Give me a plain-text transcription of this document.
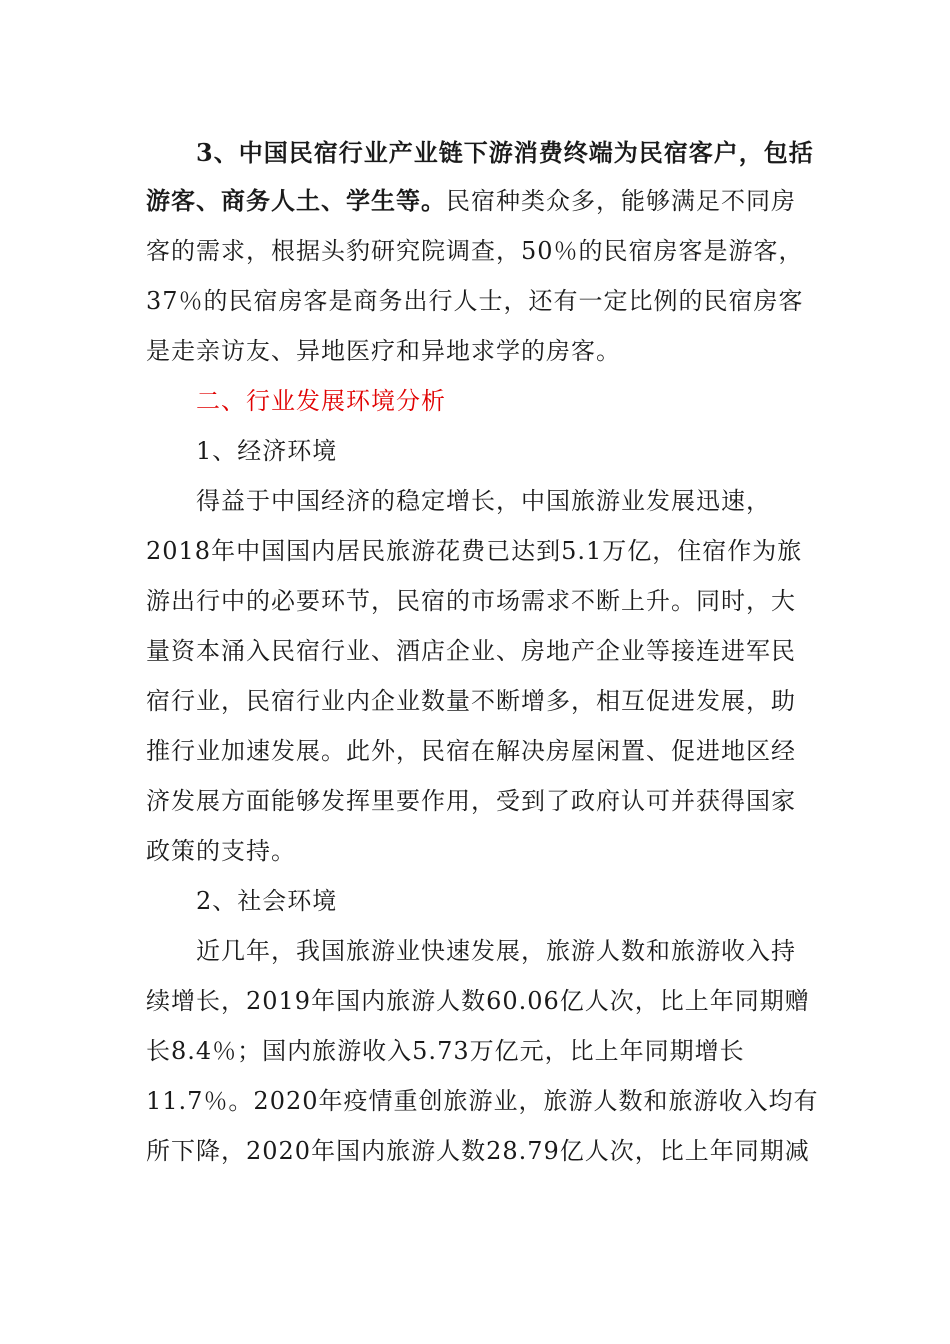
3、中国民宿行业产业链下游消费终端为民宿客户，包括
游客、商务人土、学生等。民宿种类众多，能够满足不同房
客的需求，根据头豹研究院调查，50％的民宿房客是游客，
37％的民宿房客是商务出行人士，还有一定比例的民宿房客
是走亲访友、异地医疗和异地求学的房客。
二、行业发展环境分析
1、经济环境
得益于中国经济的稳定增长，中国旅游业发展迅速，
2018年中国国内居民旅游花费已达到5.1万亿，住宿作为旅
游出行中的必要环节，民宿的市场需求不断上升。同时，大
量资本涌入民宿行业、酒店企业、房地产企业等接连进军民
宿行业，民宿行业内企业数量不断增多，相互促进发展，助
推行业加速发展。此外，民宿在解决房屋闲置、促进地区经
济发展方面能够发挥里要作用，受到了政府认可并获得国家
政策的支持。
2、社会环境
近几年，我国旅游业快速发展，旅游人数和旅游收入持
续增长，2019年国内旅游人数60.06亿人次，比上年同期赠
长8.4％；国内旅游收入5.73万亿元，比上年同期增长
11.7％。2020年疫情重创旅游业，旅游人数和旅游收入均有
所下降，2020年国内旅游人数28.79亿人次，比上年同期减
